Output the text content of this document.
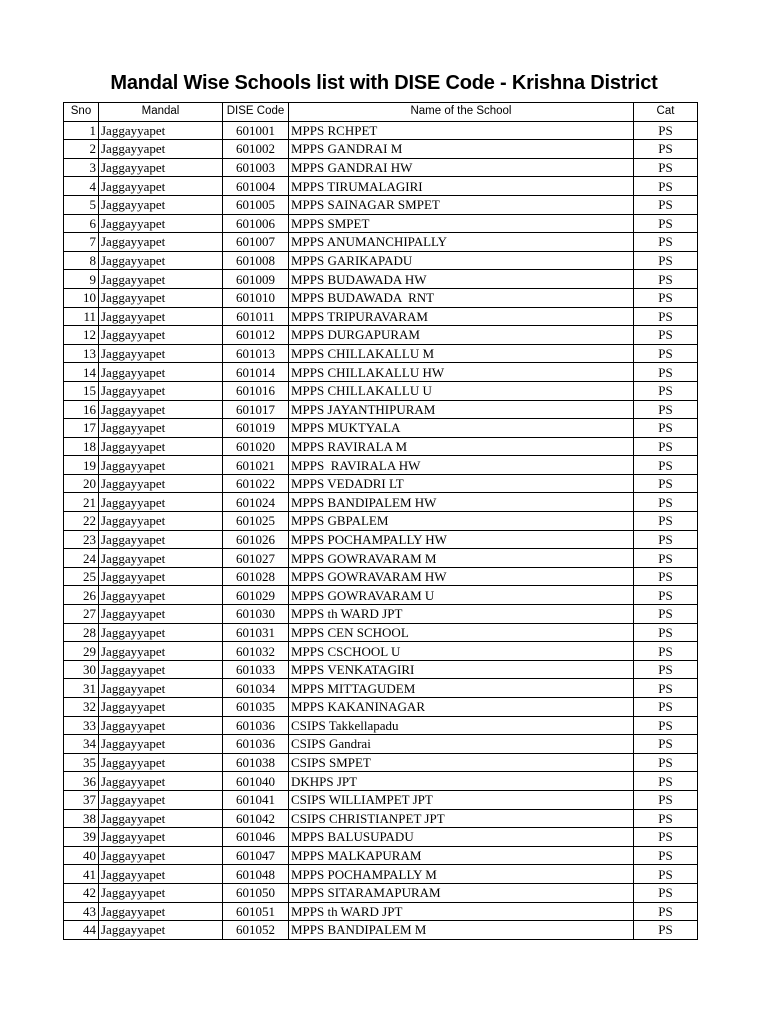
Mandal Wise Schools list with DISE Code - Krishna District
Sno	Mandal	DISE Code	Name of the School	Cat
1	Jaggayyapet	601001	MPPS RCHPET	PS
2	Jaggayyapet	601002	MPPS GANDRAI M	PS
3	Jaggayyapet	601003	MPPS GANDRAI HW	PS
4	Jaggayyapet	601004	MPPS TIRUMALAGIRI	PS
5	Jaggayyapet	601005	MPPS SAINAGAR SMPET	PS
6	Jaggayyapet	601006	MPPS SMPET	PS
7	Jaggayyapet	601007	MPPS ANUMANCHIPALLY	PS
8	Jaggayyapet	601008	MPPS GARIKAPADU	PS
9	Jaggayyapet	601009	MPPS BUDAWADA HW	PS
10	Jaggayyapet	601010	MPPS BUDAWADA  RNT	PS
11	Jaggayyapet	601011	MPPS TRIPURAVARAM	PS
12	Jaggayyapet	601012	MPPS DURGAPURAM	PS
13	Jaggayyapet	601013	MPPS CHILLAKALLU M	PS
14	Jaggayyapet	601014	MPPS CHILLAKALLU HW	PS
15	Jaggayyapet	601016	MPPS CHILLAKALLU U	PS
16	Jaggayyapet	601017	MPPS JAYANTHIPURAM	PS
17	Jaggayyapet	601019	MPPS MUKTYALA	PS
18	Jaggayyapet	601020	MPPS RAVIRALA M	PS
19	Jaggayyapet	601021	MPPS  RAVIRALA HW	PS
20	Jaggayyapet	601022	MPPS VEDADRI LT	PS
21	Jaggayyapet	601024	MPPS BANDIPALEM HW	PS
22	Jaggayyapet	601025	MPPS GBPALEM	PS
23	Jaggayyapet	601026	MPPS POCHAMPALLY HW	PS
24	Jaggayyapet	601027	MPPS GOWRAVARAM M	PS
25	Jaggayyapet	601028	MPPS GOWRAVARAM HW	PS
26	Jaggayyapet	601029	MPPS GOWRAVARAM U	PS
27	Jaggayyapet	601030	MPPS th WARD JPT	PS
28	Jaggayyapet	601031	MPPS CEN SCHOOL	PS
29	Jaggayyapet	601032	MPPS CSCHOOL U	PS
30	Jaggayyapet	601033	MPPS VENKATAGIRI	PS
31	Jaggayyapet	601034	MPPS MITTAGUDEM	PS
32	Jaggayyapet	601035	MPPS KAKANINAGAR	PS
33	Jaggayyapet	601036	CSIPS Takkellapadu	PS
34	Jaggayyapet	601036	CSIPS Gandrai	PS
35	Jaggayyapet	601038	CSIPS SMPET	PS
36	Jaggayyapet	601040	DKHPS JPT	PS
37	Jaggayyapet	601041	CSIPS WILLIAMPET JPT	PS
38	Jaggayyapet	601042	CSIPS CHRISTIANPET JPT	PS
39	Jaggayyapet	601046	MPPS BALUSUPADU	PS
40	Jaggayyapet	601047	MPPS MALKAPURAM	PS
41	Jaggayyapet	601048	MPPS POCHAMPALLY M	PS
42	Jaggayyapet	601050	MPPS SITARAMAPURAM	PS
43	Jaggayyapet	601051	MPPS th WARD JPT	PS
44	Jaggayyapet	601052	MPPS BANDIPALEM M	PS
